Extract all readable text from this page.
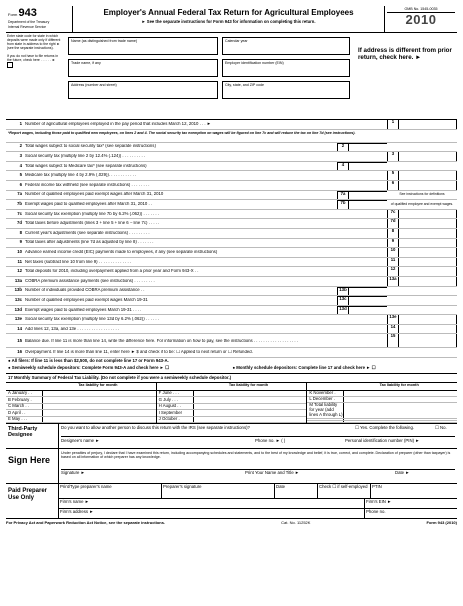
Form 943
Department of the Treasury
Internal Revenue Service
Employer's Annual Federal Tax Return for Agricultural Employees
► See the separate instructions for Form 943 for information on completing this return.
OMB No. 1545-0035
2010
Enter state code for state in which deposits were made only if different from state in address to the right ► (see the separate instructions).
If you do not have to file returns in the future, check here . . . . . . ►
Name (as distinguished from trade name)	Calendar year
Trade name, if any	Employer identification number (EIN)
Address (number and street)	City, state, and ZIP code
If address is different from prior return, check here. ►
1 Number of agricultural employees employed in the pay period that includes March 12, 2010 . . . ►	1
*Report wages, including those paid to qualified new employees, on lines 2 and 4. The social security tax exemption on wages will be figured on line 7c and will reduce the tax on line 7d (see instructions).
2 Total wages subject to social security tax* (see separate instructions)	2
3 Social security tax (multiply line 2 by 12.4% (.124)) . . . . . . . . . .	3
4 Total wages subject to Medicare tax* (see separate instructions)	4
5 Medicare tax (multiply line 4 by 2.9% (.029)). . . . . . . . . . . .	5
6 Federal income tax withheld (see separate instructions) . . . . . . . .	6
7a Number of qualified employees paid exempt wages after March 31, 2010	7a	See instructions for definitions
7b Exempt wages paid to qualified employees after March 31, 2010 . .	7b	of qualified employee and exempt wages.
7c Social security tax exemption (multiply line 7b by 6.2% (.062)) . . . . . . .	7c
7d Total taxes before adjustments (lines 3 + line 5 + line 6 − line 7c) . . . . .	7d
8 Current year's adjustments (see separate instructions) . . . . . . . . .	8
9 Total taxes after adjustments (line 7d as adjusted by line 8) . . . . . . .	9
10 Advance earned income credit (EIC) payments made to employees, if any (see separate instructions)	10
11 Net taxes (subtract line 10 from line 9) . . . . . . . . . . . . . .	11
12 Total deposits for 2010, including overpayment applied from a prior year and Form 943-X . .	12
13a COBRA premium assistance payments (see instructions) . . . . . . . . .	13a
13b Number of individuals provided COBRA premium assistance . .	13b
13c Number of qualified employees paid exempt wages March 19-31	13c
13d Exempt wages paid to qualified employees March 19-31 . . . .	13d
13e Social security tax exemption (multiply line 13d by 6.2% (.062)) . . . . . .	13e
14 Add lines 12, 13a, and 13e . . . . . . . . . . . . . . . . . .	14
15 Balance due. If line 11 is more than line 14, write the difference here. For information on how to pay, see the instructions . . . . . . . . . . . . . . . . . . .
15
16 Overpayment. If line 14 is more than line 11, enter here ► $ and check if to be: ☐ Applied to next return or ☐ Refunded.
● All filers: If line 11 is less than $2,500, do not complete line 17 or Form 943-A.
● Semiweekly schedule depositors: Complete Form 943-A and check here ► ☐	● Monthly schedule depositors: Complete line 17 and check here ► ☐
17 Monthly Summary of Federal Tax Liability. (Do not complete if you were a semiweekly schedule depositor.)
Tax liability for month
A January . .
B February .
C March . .
D April . .
E May . . .
Tax liability for month
F June . . .
G July . . .
H August . .
I September
J October .
Tax liability for month
K November .
L December .
M Total liability for year (add lines A through L)
Third-Party Designee
Do you want to allow another person to discuss this return with the IRS (see separate instructions)?	☐ Yes. Complete the following.	☐ No.
Designee's name ►	Phone no. ► ( )	Personal identification number (PIN) ►
Sign Here
Under penalties of perjury, I declare that I have examined this return, including accompanying schedules and statements, and to the best of my knowledge and belief, it is true, correct, and complete. Declaration of preparer (other than taxpayer) is based on all information of which preparer has any knowledge.
Signature ►	Print Your Name and Title ►	Date ►
Paid Preparer Use Only
Print/Type preparer's name	Preparer's signature	Date	Check ☐ if self-employed	PTIN
Firm's name ►	Firm's EIN ►
Firm's address ►	Phone no.
For Privacy Act and Paperwork Reduction Act Notice, see the separate instructions.	Cat. No. 11252K	Form 943 (2010)
